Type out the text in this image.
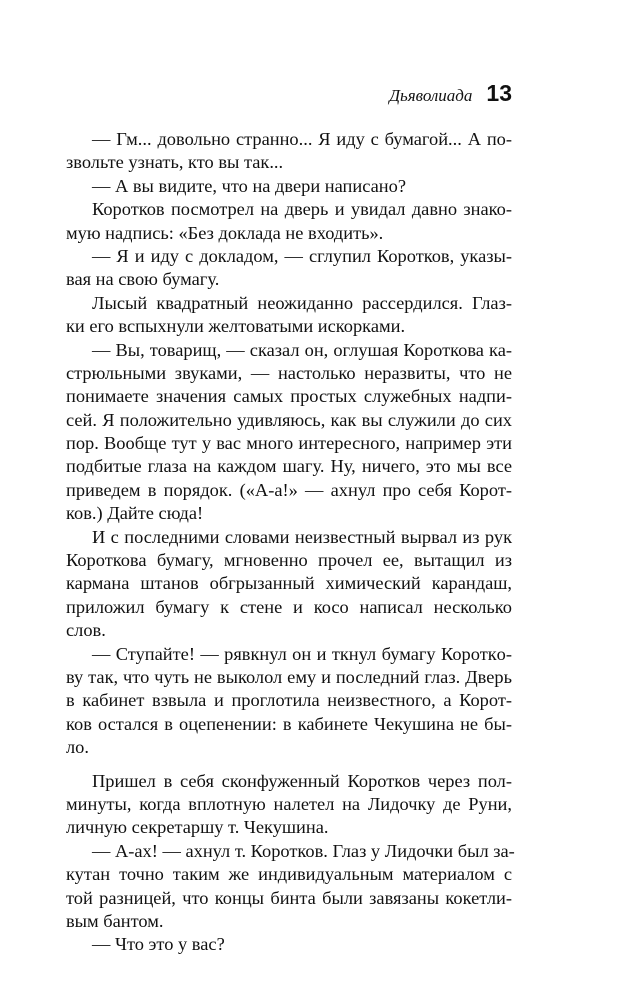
Дьяволиада 13
— Гм... довольно странно... Я иду с бумагой... А по-
звольте узнать, кто вы так...
— А вы видите, что на двери написано?
Коротков посмотрел на дверь и увидал давно знако-
мую надпись: «Без доклада не входить».
— Я и иду с докладом, — сглупил Коротков, указы-
вая на свою бумагу.
Лысый квадратный неожиданно рассердился. Глаз-
ки его вспыхнули желтоватыми искорками.
— Вы, товарищ, — сказал он, оглушая Короткова ка-
стрюльными звуками, — настолько неразвиты, что не
понимаете значения самых простых служебных надпи-
сей. Я положительно удивляюсь, как вы служили до сих
пор. Вообще тут у вас много интересного, например эти
подбитые глаза на каждом шагу. Ну, ничего, это мы все
приведем в порядок. («А-а!» — ахнул про себя Корот-
ков.) Дайте сюда!
И с последними словами неизвестный вырвал из рук
Короткова бумагу, мгновенно прочел ее, вытащил из
кармана штанов обгрызанный химический карандаш,
приложил бумагу к стене и косо написал несколько
слов.
— Ступайте! — рявкнул он и ткнул бумагу Короткo-
ву так, что чуть не выколол ему и последний глаз. Дверь
в кабинет взвыла и проглотила неизвестного, а Корот-
ков остался в оцепенении: в кабинете Чекушина не бы-
ло.
Пришел в себя сконфуженный Коротков через пол-
минуты, когда вплотную налетел на Лидочку де Руни,
личную секретаршу т. Чекушина.
— А-ах! — ахнул т. Коротков. Глаз у Лидочки был за-
кутан точно таким же индивидуальным материалом с
той разницей, что концы бинта были завязаны кокетли-
вым бантом.
— Что это у вас?
